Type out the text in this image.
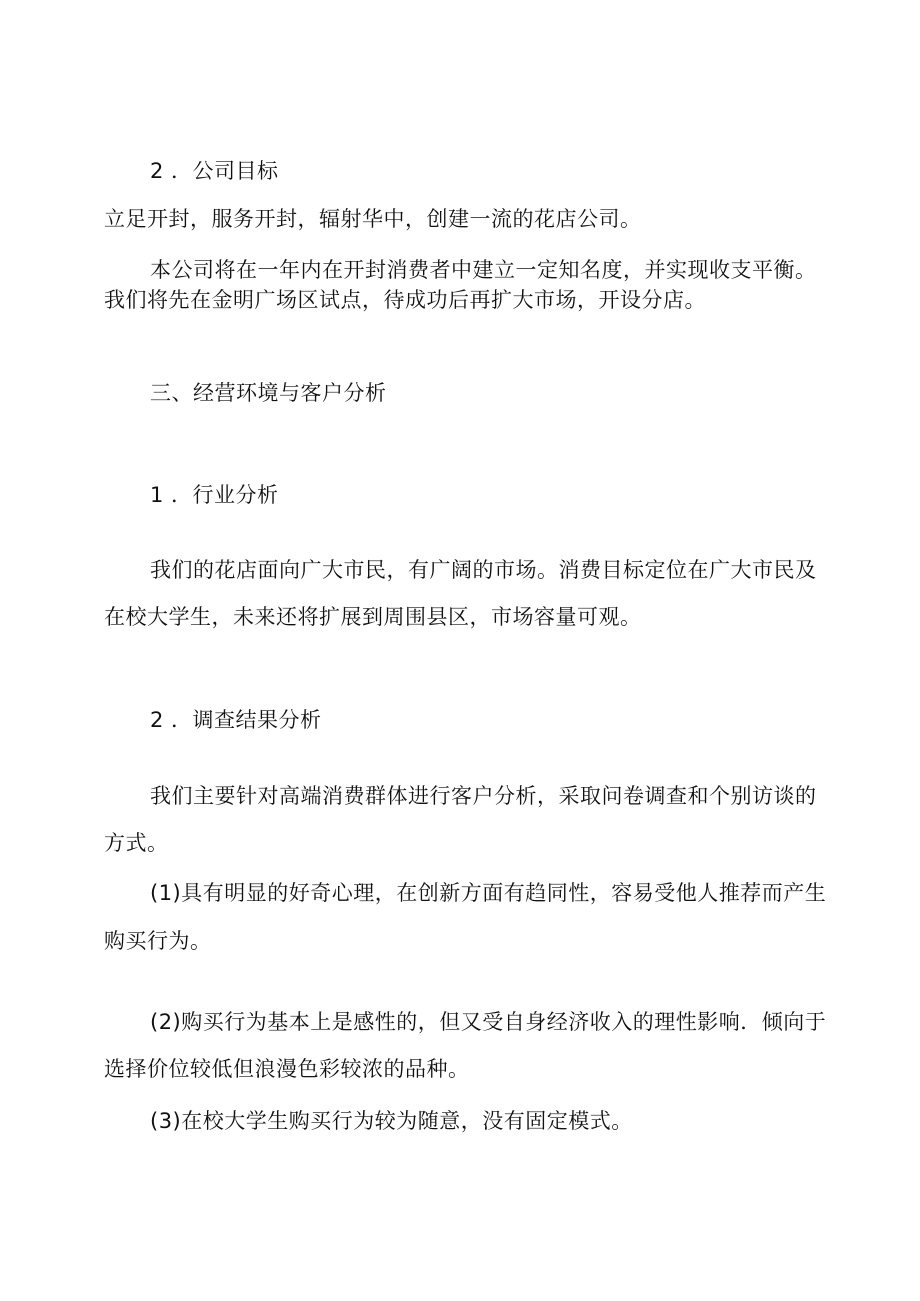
2 ．公司目标
立足开封，服务开封，辐射华中，创建一流的花店公司。
本公司将在一年内在开封消费者中建立一定知名度，并实现收支平衡。
我们将先在金明广场区试点，待成功后再扩大市场，开设分店。
三、经营环境与客户分析
1 ．行业分析
我们的花店面向广大市民，有广阔的市场。消费目标定位在广大市民及
在校大学生，未来还将扩展到周围县区，市场容量可观。
2 ．调查结果分析
我们主要针对高端消费群体进行客户分析，采取问卷调查和个别访谈的
方式。
(1)具有明显的好奇心理，在创新方面有趋同性，容易受他人推荐而产生
购买行为。
(2)购买行为基本上是感性的，但又受自身经济收入的理性影响．倾向于
选择价位较低但浪漫色彩较浓的品种。
(3)在校大学生购买行为较为随意，没有固定模式。
